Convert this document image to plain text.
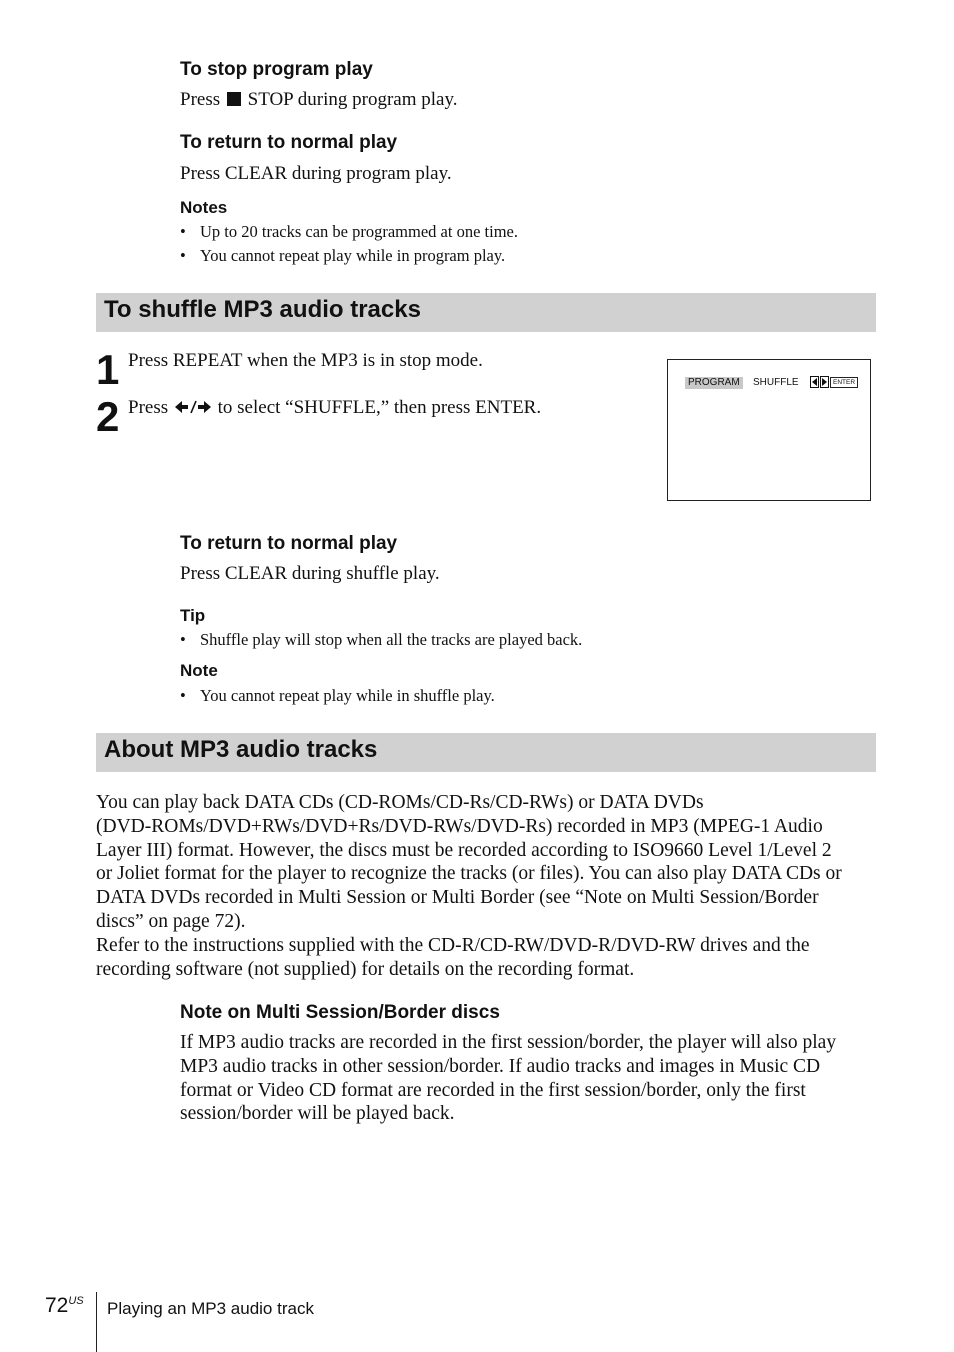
To stop program play
Press STOP during program play.
To return to normal play
Press CLEAR during program play.
Notes
• Up to 20 tracks can be programmed at one time.
• You cannot repeat play while in program play.
To shuffle MP3 audio tracks
1 Press REPEAT when the MP3 is in stop mode.
2 Press	to select “SHUFFLE,” then press ENTER.
PROGRAM	SHUFFLE	ENTER
To return to normal play
Press CLEAR during shuffle play.
Tip
• Shuffle play will stop when all the tracks are played back.
Note
• You cannot repeat play while in shuffle play.
About MP3 audio tracks
You can play back DATA CDs (CD-ROMs/CD-Rs/CD-RWs) or DATA DVDs
(DVD-ROMs/DVD+RWs/DVD+Rs/DVD-RWs/DVD-Rs) recorded in MP3 (MPEG-1 Audio
Layer III) format. However, the discs must be recorded according to ISO9660 Level 1/Level 2
or Joliet format for the player to recognize the tracks (or files). You can also play DATA CDs or
DATA DVDs recorded in Multi Session or Multi Border (see “Note on Multi Session/Border
discs” on page 72).
Refer to the instructions supplied with the CD-R/CD-RW/DVD-R/DVD-RW drives and the
recording software (not supplied) for details on the recording format.
Note on Multi Session/Border discs
If MP3 audio tracks are recorded in the first session/border, the player will also play
MP3 audio tracks in other session/border. If audio tracks and images in Music CD
format or Video CD format are recorded in the first session/border, only the first
session/border will be played back.
$72^{US}$ Playing an MP3 audio track
